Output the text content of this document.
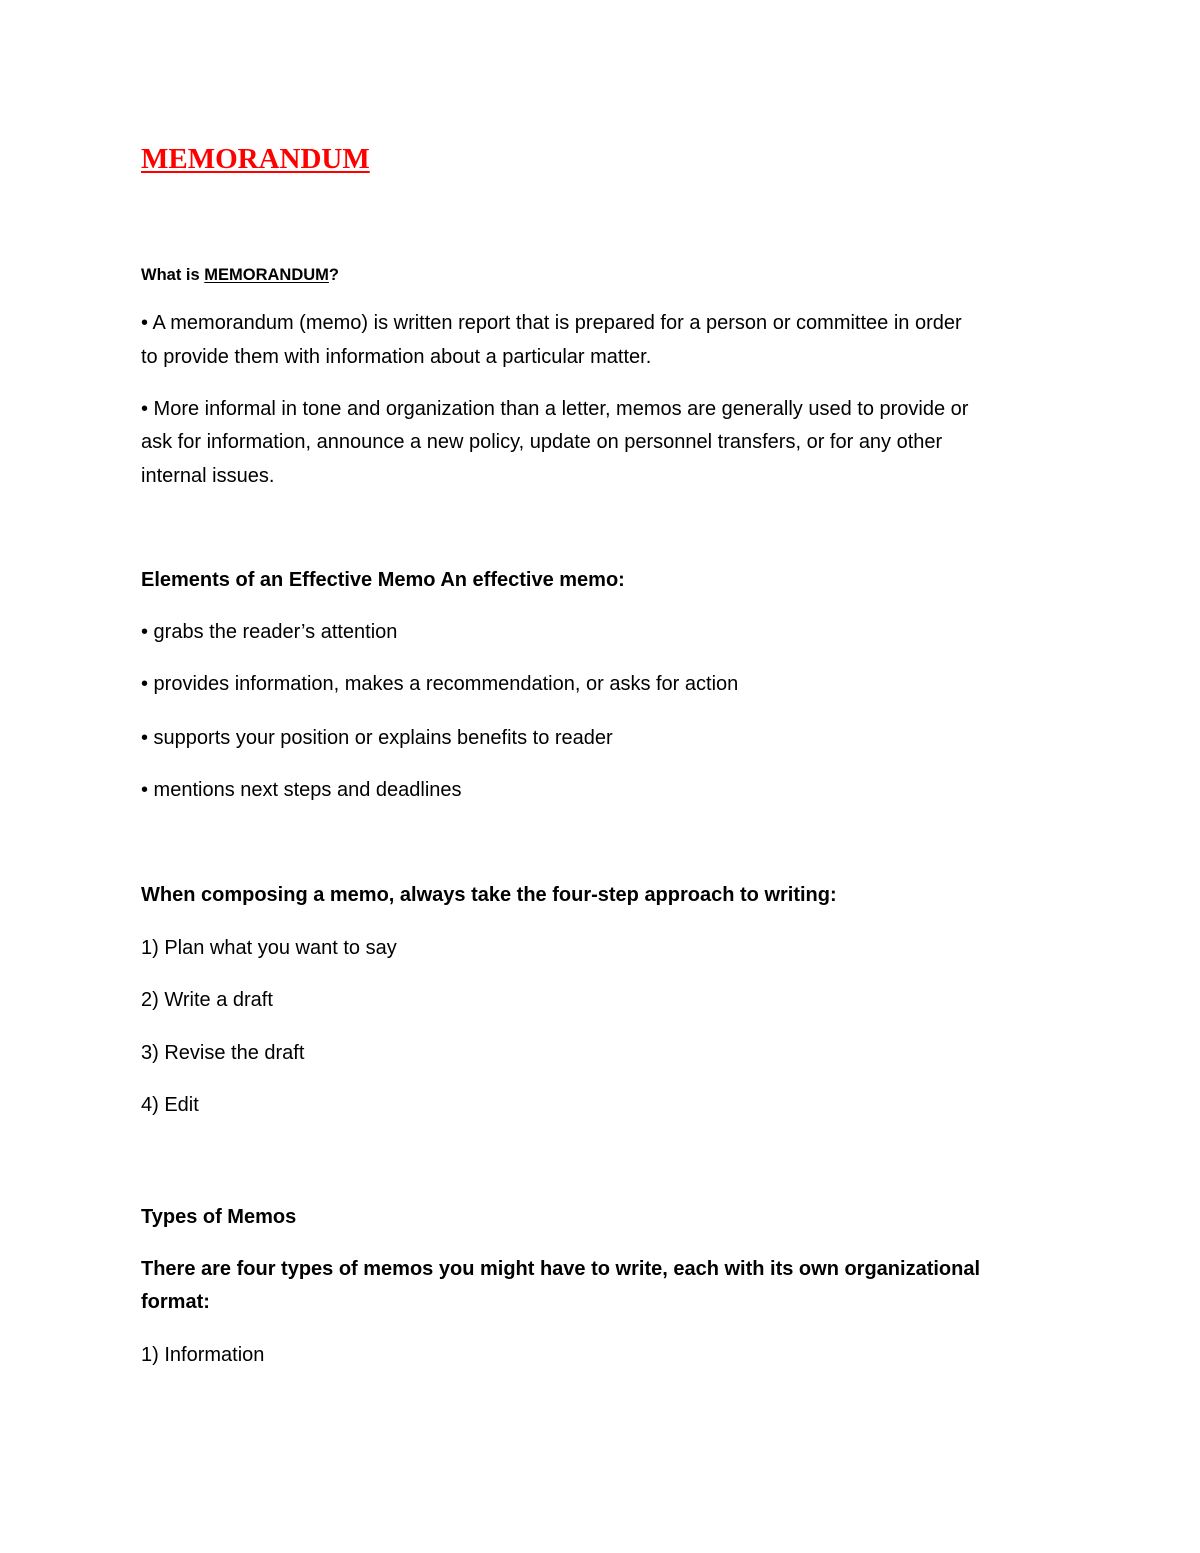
MEMORANDUM

What is MEMORANDUM?

• A memorandum (memo) is written report that is prepared for a person or committee in order

to provide them with information about a particular matter.

• More informal in tone and organization than a letter, memos are generally used to provide or

ask for information, announce a new policy, update on personnel transfers, or for any other

internal issues.

Elements of an Effective Memo An effective memo:

• grabs the reader’s attention

• provides information, makes a recommendation, or asks for action

• supports your position or explains benefits to reader

• mentions next steps and deadlines

When composing a memo, always take the four-step approach to writing:

1) Plan what you want to say

2) Write a draft

3) Revise the draft

4) Edit

Types of Memos

There are four types of memos you might have to write, each with its own organizational

format:

1) Information
